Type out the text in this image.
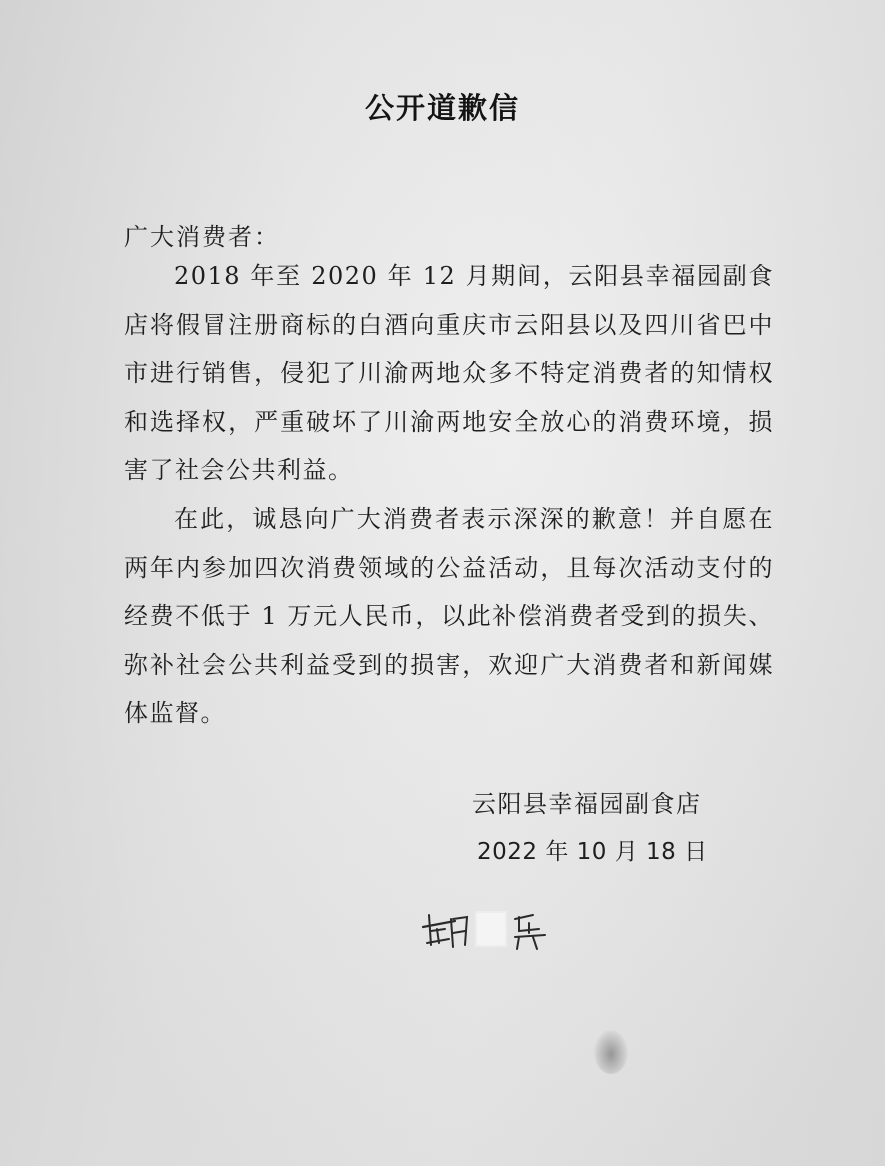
公开道歉信
广大消费者：
2018 年至 2020 年 12 月期间，云阳县幸福园副食店将假冒注册商标的白酒向重庆市云阳县以及四川省巴中市进行销售，侵犯了川渝两地众多不特定消费者的知情权和选择权，严重破坏了川渝两地安全放心的消费环境，损害了社会公共利益。
在此，诚恳向广大消费者表示深深的歉意！并自愿在两年内参加四次消费领域的公益活动，且每次活动支付的经费不低于 1 万元人民币，以此补偿消费者受到的损失、弥补社会公共利益受到的损害，欢迎广大消费者和新闻媒体监督。
云阳县幸福园副食店
2022 年 10 月 18 日
